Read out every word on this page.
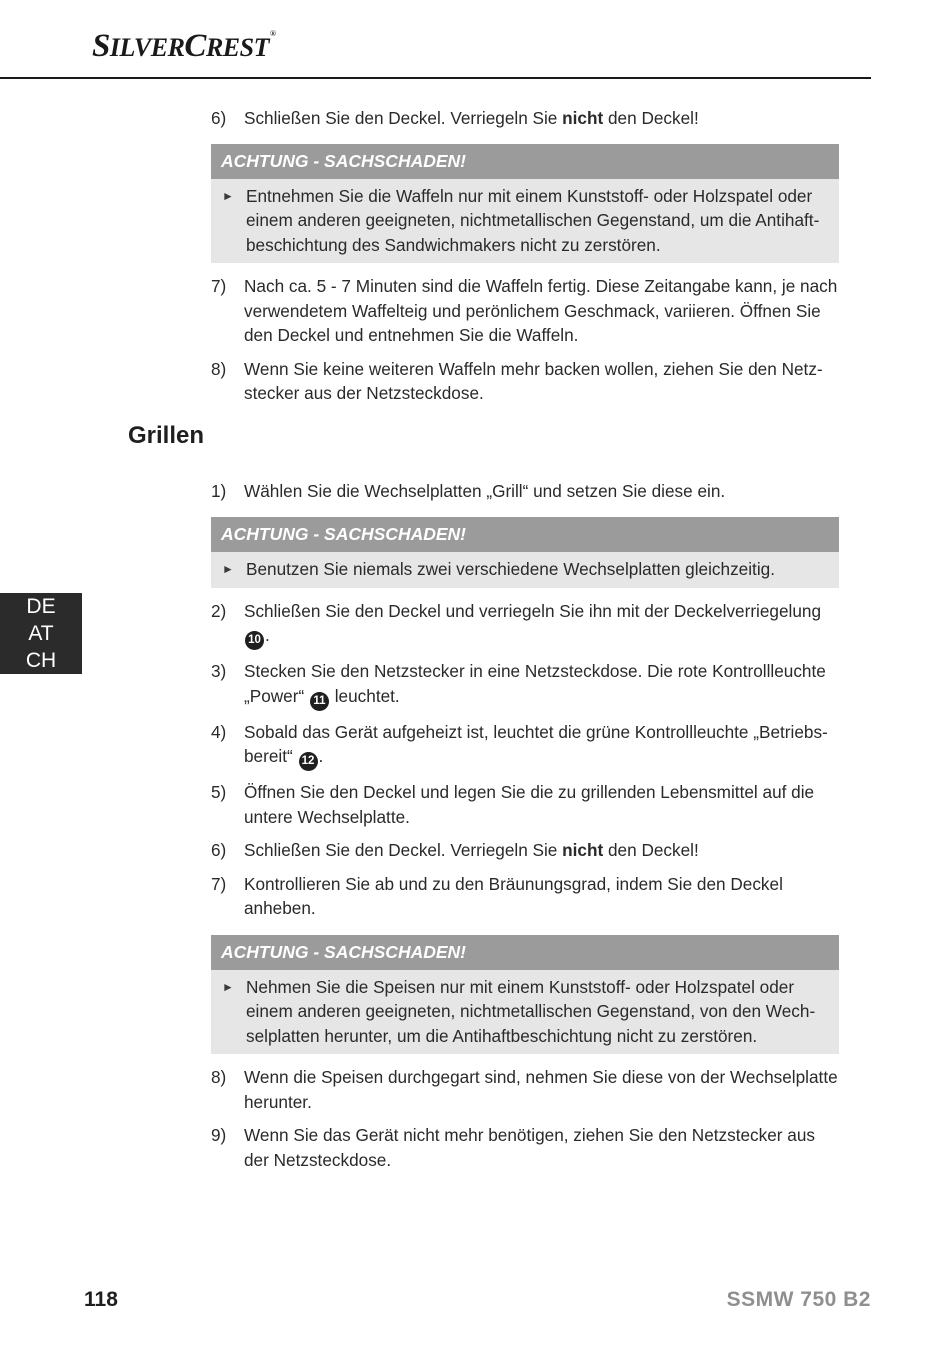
SILVERCREST®
Grillen
6) Schließen Sie den Deckel. Verriegeln Sie nicht den Deckel!
ACHTUNG - SACHSCHADEN!
► Entnehmen Sie die Waffeln nur mit einem Kunststoff- oder Holzspatel oder einem anderen geeigneten, nichtmetallischen Gegenstand, um die Antihaftbeschichtung des Sandwichmakers nicht zu zerstören.
7) Nach ca. 5 - 7 Minuten sind die Waffeln fertig. Diese Zeitangabe kann, je nach verwendetem Waffelteig und perönlichem Geschmack, variieren. Öffnen Sie den Deckel und entnehmen Sie die Waffeln.
8) Wenn Sie keine weiteren Waffeln mehr backen wollen, ziehen Sie den Netzstecker aus der Netzsteckdose.
1) Wählen Sie die Wechselplatten „Grill“ und setzen Sie diese ein.
ACHTUNG - SACHSCHADEN!
► Benutzen Sie niemals zwei verschiedene Wechselplatten gleichzeitig.
2) Schließen Sie den Deckel und verriegeln Sie ihn mit der Deckelverriegelung 10 .
3) Stecken Sie den Netzstecker in eine Netzsteckdose. Die rote Kontrollleuchte „Power“ 11 leuchtet.
4) Sobald das Gerät aufgeheizt ist, leuchtet die grüne Kontrollleuchte „Betriebsbereit“ 12 .
5) Öffnen Sie den Deckel und legen Sie die zu grillenden Lebensmittel auf die untere Wechselplatte.
6) Schließen Sie den Deckel. Verriegeln Sie nicht den Deckel!
7) Kontrollieren Sie ab und zu den Bräunungsgrad, indem Sie den Deckel anheben.
ACHTUNG - SACHSCHADEN!
► Nehmen Sie die Speisen nur mit einem Kunststoff- oder Holzspatel oder einem anderen geeigneten, nichtmetallischen Gegenstand, von den Wechselplatten herunter, um die Antihaftbeschichtung nicht zu zerstören.
8) Wenn die Speisen durchgegart sind, nehmen Sie diese von der Wechselplatte herunter.
9) Wenn Sie das Gerät nicht mehr benötigen, ziehen Sie den Netzstecker aus der Netzsteckdose.
DE
AT
CH
118	SSMW 750 B2
